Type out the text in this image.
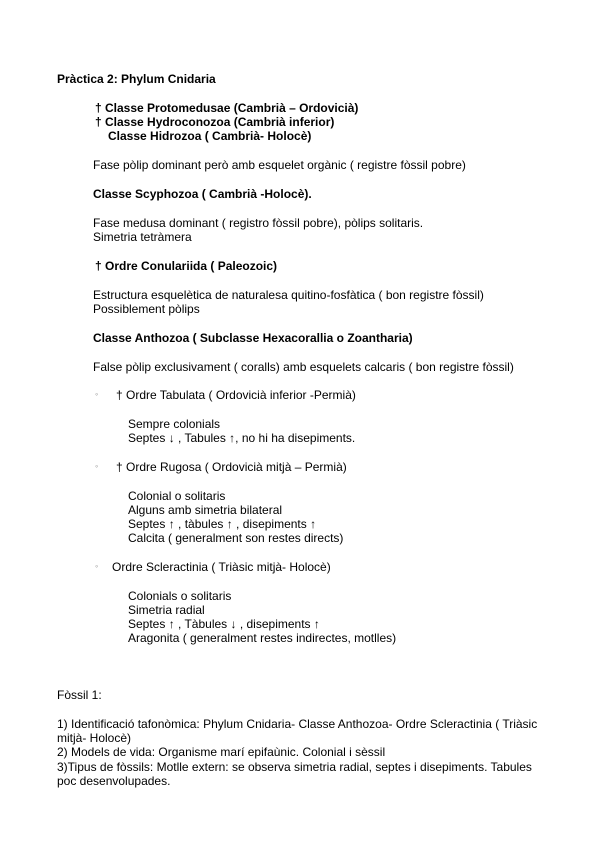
Pràctica 2: Phylum Cnidaria
† Classe Protomedusae (Cambrià – Ordovicià)
† Classe Hydroconozoa (Cambrià inferior)
Classe Hidrozoa ( Cambrià- Holocè)
Fase pòlip dominant però amb esquelet orgànic ( registre fòssil pobre)
Classe Scyphozoa ( Cambrià -Holocè).
Fase medusa dominant ( registro fòssil pobre), pòlips solitaris.
Simetria tetràmera
† Ordre Conulariida ( Paleozoic)
Estructura esquelètica de naturalesa quitino-fosfàtica ( bon registre fòssil)
Possiblement pòlips
Classe Anthozoa ( Subclasse Hexacorallia o Zoantharia)
False pòlip exclusivament ( coralls) amb esquelets calcaris ( bon registre fòssil)
◦ † Ordre Tabulata ( Ordovicià inferior -Permià)
Sempre colonials
Septes ↓ , Tabules ↑, no hi ha disepiments.
◦ † Ordre Rugosa ( Ordovicià mitjà – Permià)
Colonial o solitaris
Alguns amb simetria bilateral
Septes ↑ , tàbules ↑ , disepiments ↑
Calcita ( generalment son restes directs)
◦ Ordre Scleractinia ( Triàsic mitjà- Holocè)
Colonials o solitaris
Simetria radial
Septes ↑ , Tàbules ↓ , disepiments ↑
Aragonita ( generalment restes indirectes, motlles)
Fòssil 1:
1) Identificació tafonòmica: Phylum Cnidaria- Classe Anthozoa- Ordre Scleractinia ( Triàsic
mitjà- Holocè)
2) Models de vida: Organisme marí epifaùnic. Colonial i sèssil
3)Tipus de fòssils: Motlle extern: se observa simetria radial, septes i disepiments. Tabules
poc desenvolupades.
